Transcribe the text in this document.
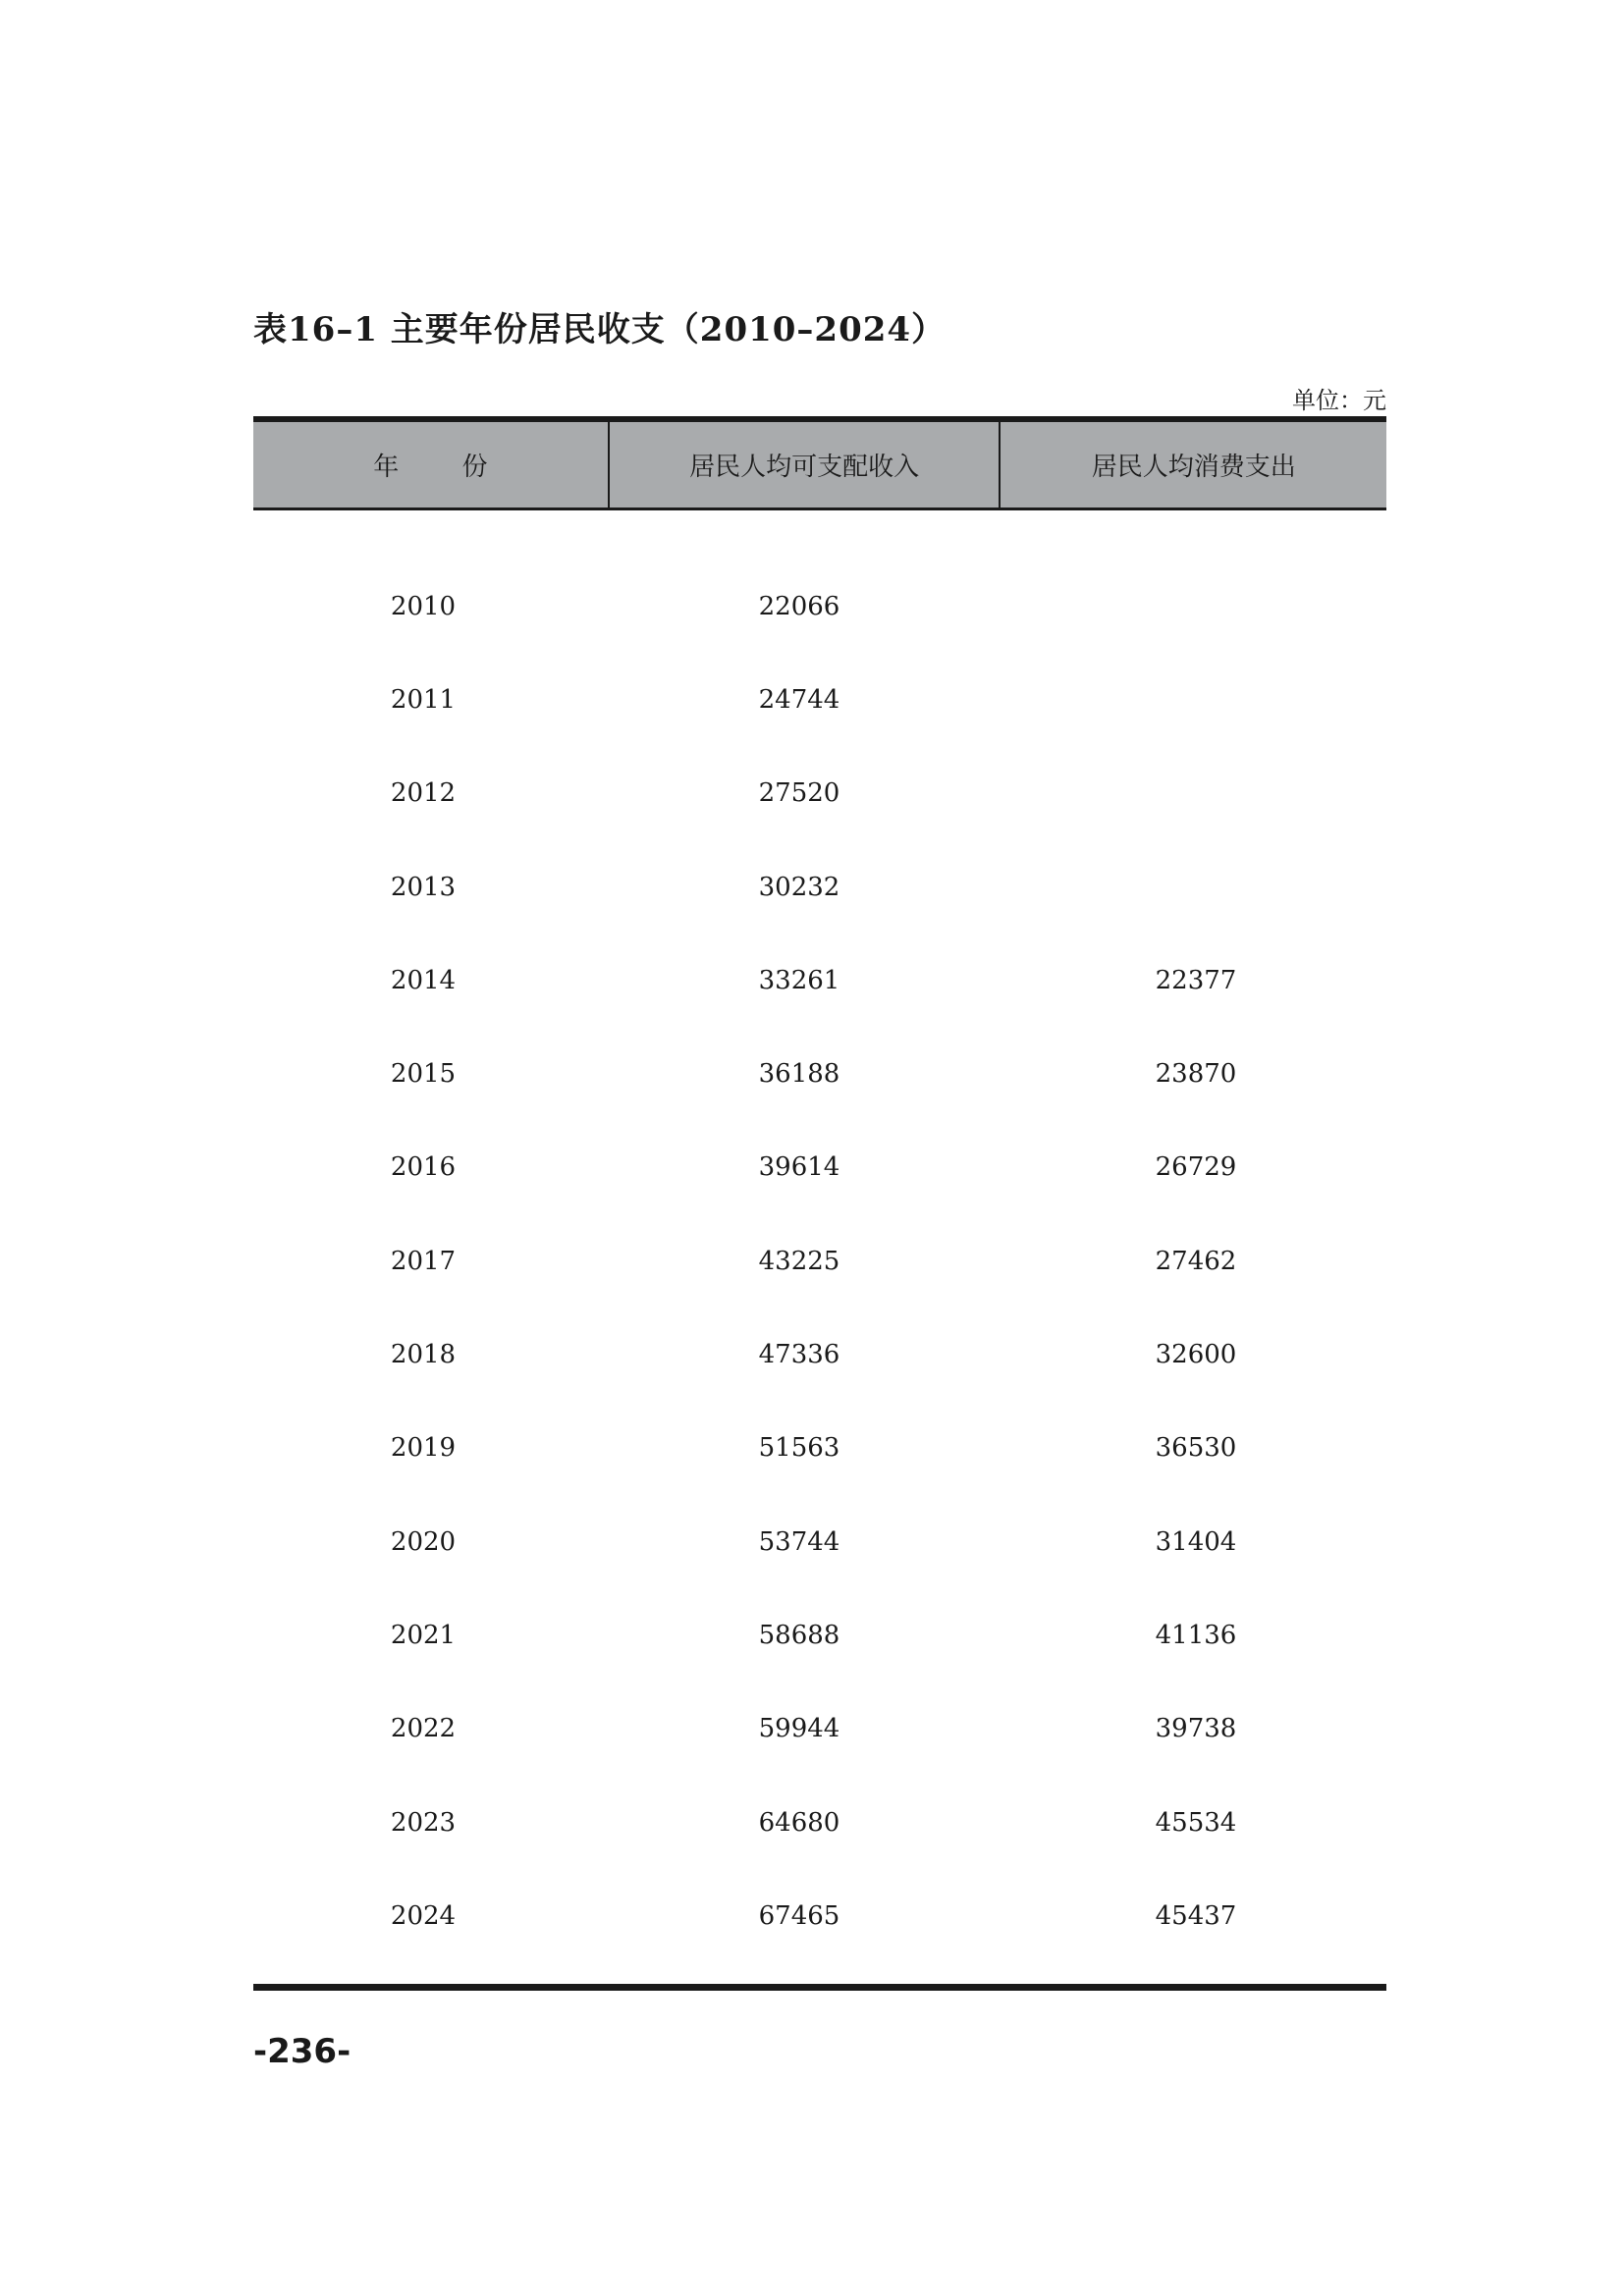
表16–1 主要年份居民收支（2010–2024）
单位：元
年 份	居民人均可支配收入	居民人均消费支出
2010	22066
2011	24744
2012	27520
2013	30232
2014	33261	22377
2015	36188	23870
2016	39614	26729
2017	43225	27462
2018	47336	32600
2019	51563	36530
2020	53744	31404
2021	58688	41136
2022	59944	39738
2023	64680	45534
2024	67465	45437
-236-
